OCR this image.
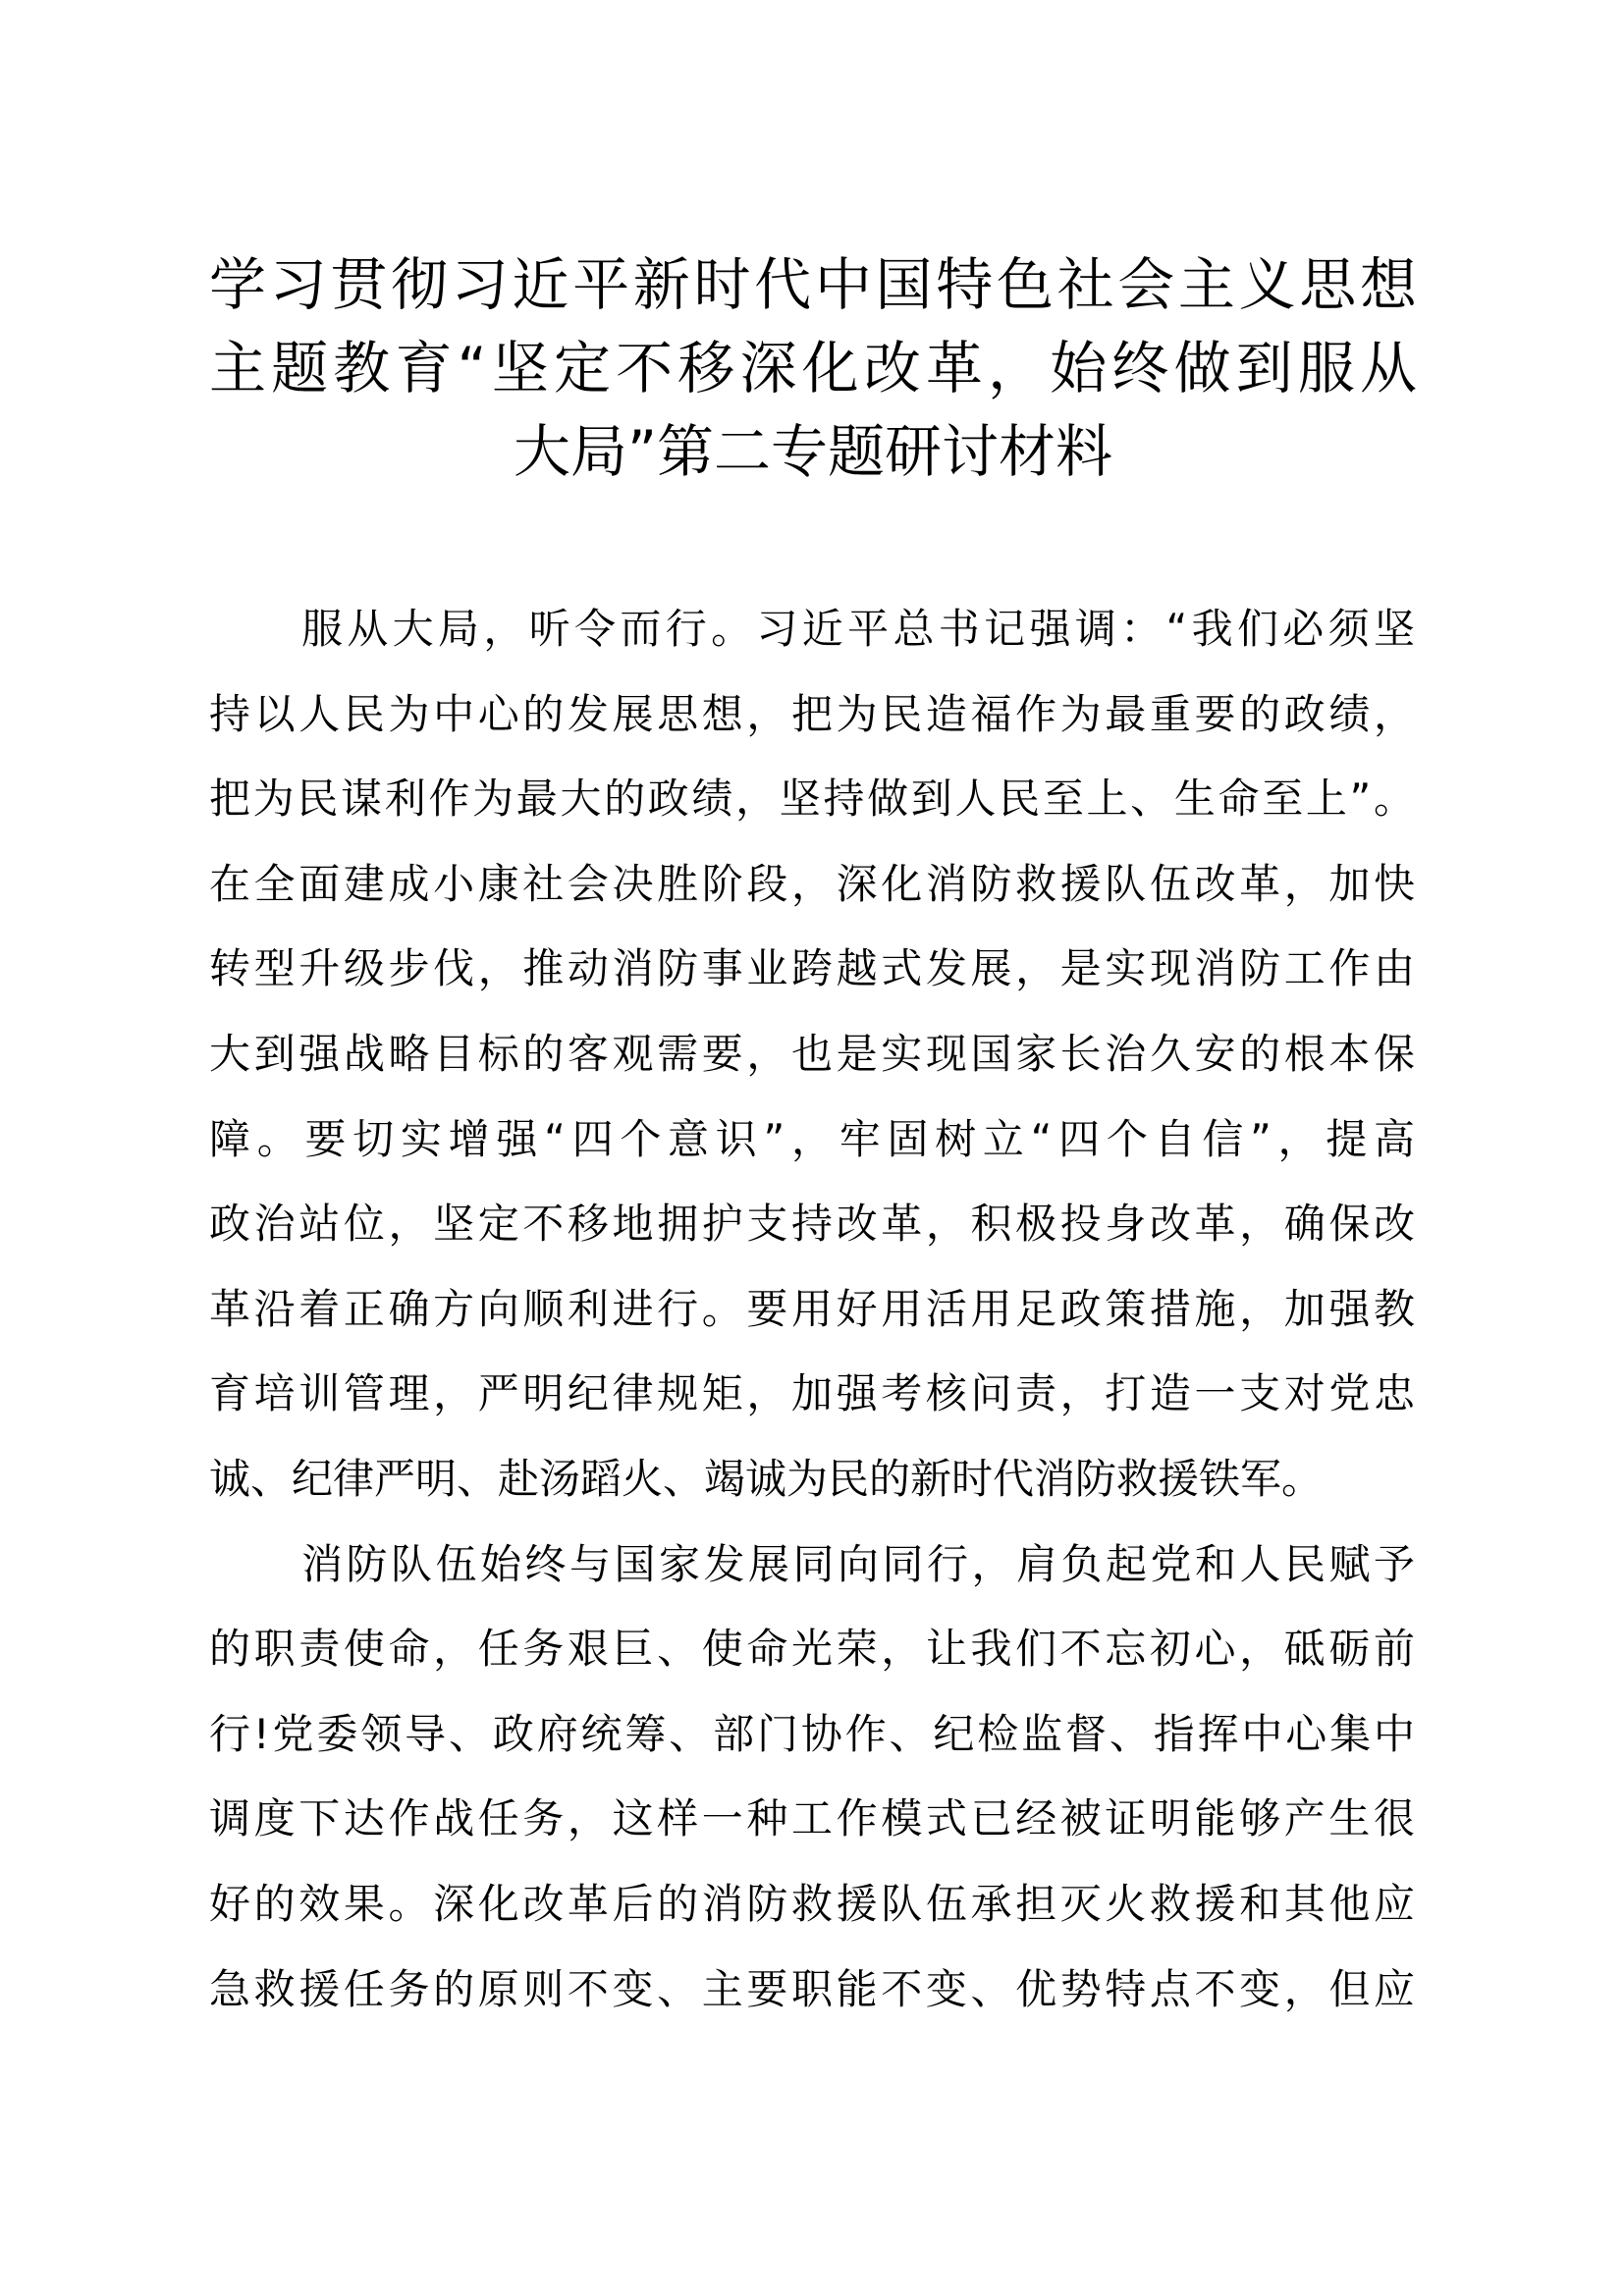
学习贯彻习近平新时代中国特色社会主义思想
主题教育“坚定不移深化改革，始终做到服从
大局”第二专题研讨材料
服从大局，听令而行。习近平总书记强调：“我们必须坚
持以人民为中心的发展思想，把为民造福作为最重要的政绩，
把为民谋利作为最大的政绩，坚持做到人民至上、生命至上”。
在全面建成小康社会决胜阶段，深化消防救援队伍改革，加快
转型升级步伐，推动消防事业跨越式发展，是实现消防工作由
大到强战略目标的客观需要，也是实现国家长治久安的根本保
障。要切实增强“四个意识”，牢固树立“四个自信”，提高
政治站位，坚定不移地拥护支持改革，积极投身改革，确保改
革沿着正确方向顺利进行。要用好用活用足政策措施，加强教
育培训管理，严明纪律规矩，加强考核问责，打造一支对党忠
诚、纪律严明、赴汤蹈火、竭诚为民的新时代消防救援铁军。
消防队伍始终与国家发展同向同行，肩负起党和人民赋予
的职责使命，任务艰巨、使命光荣，让我们不忘初心，砥砺前
行!党委领导、政府统筹、部门协作、纪检监督、指挥中心集中
调度下达作战任务，这样一种工作模式已经被证明能够产生很
好的效果。深化改革后的消防救援队伍承担灭火救援和其他应
急救援任务的原则不变、主要职能不变、优势特点不变，但应
